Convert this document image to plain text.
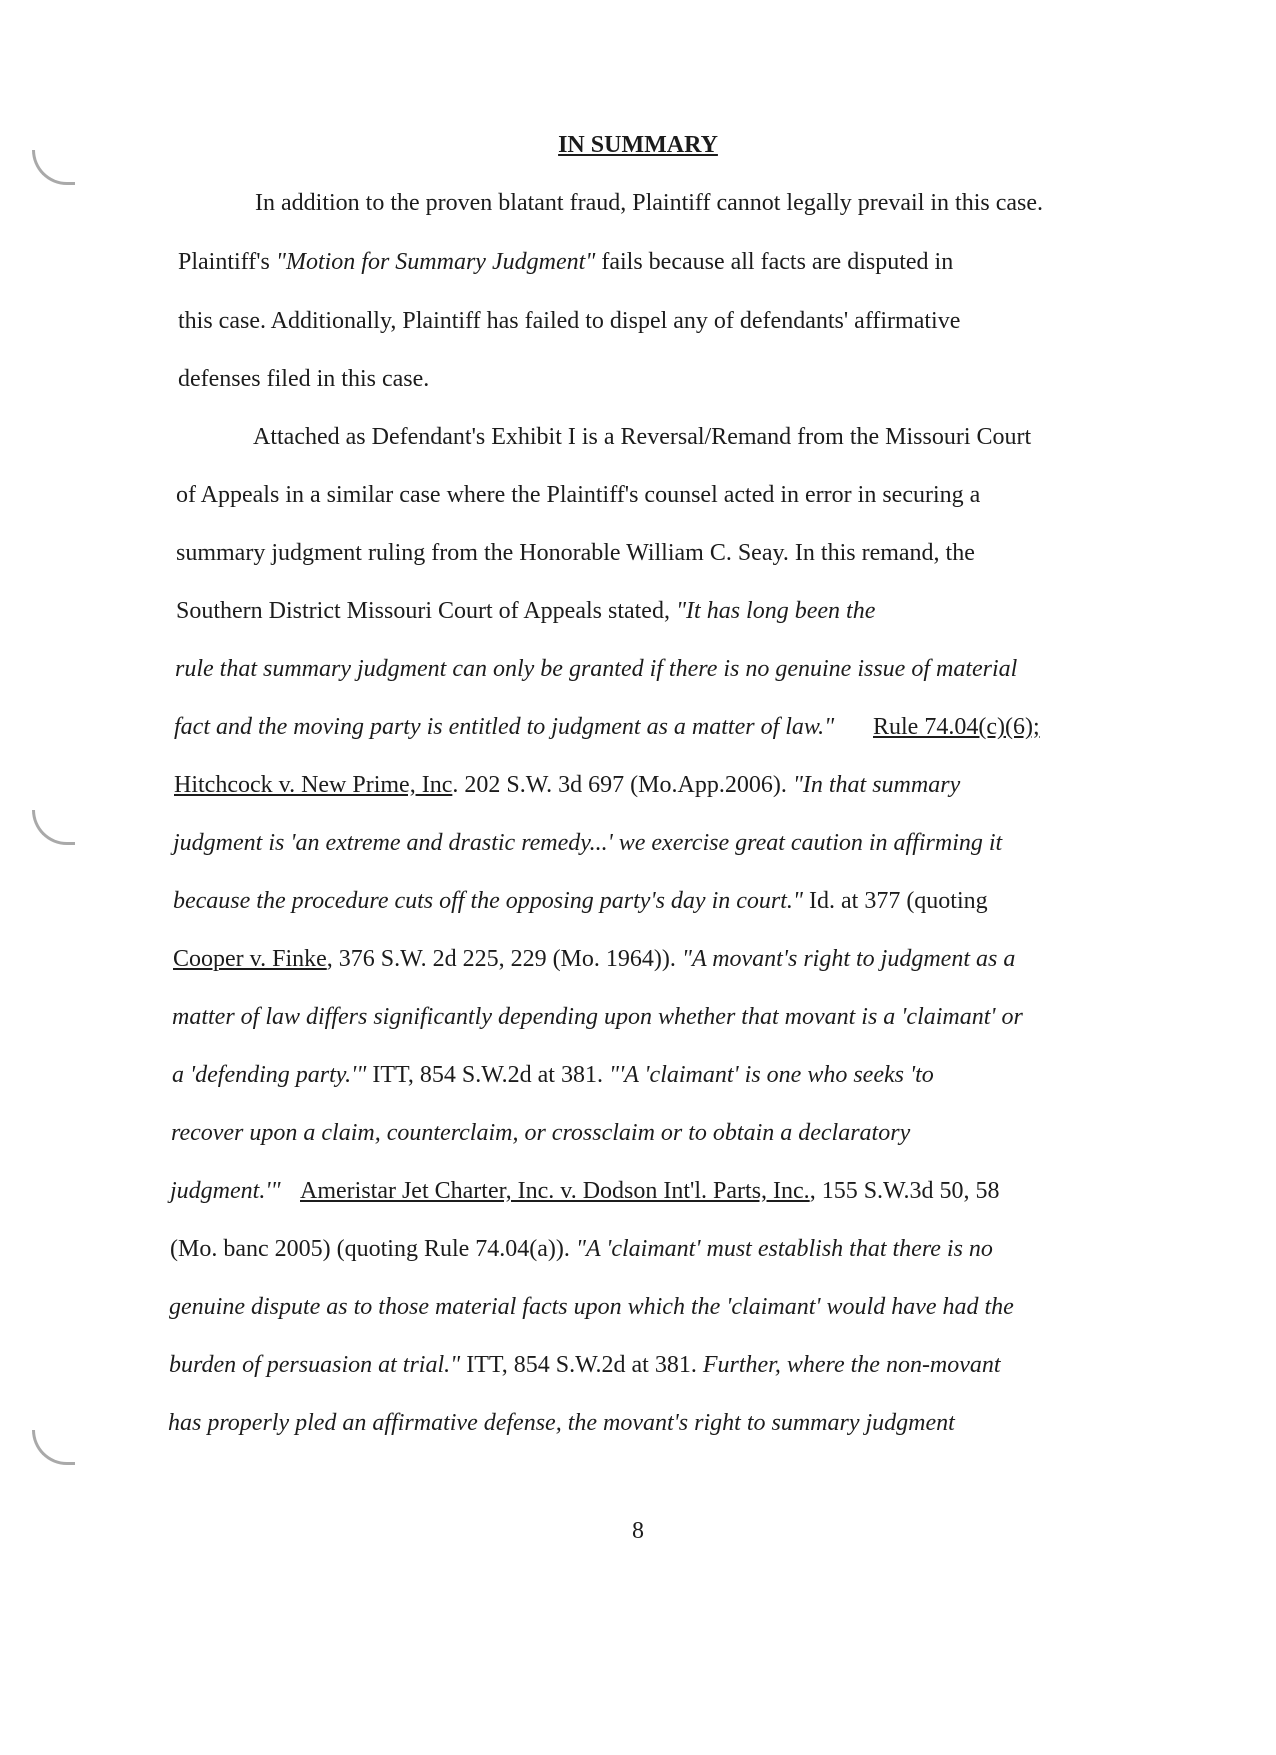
IN SUMMARY
In addition to the proven blatant fraud, Plaintiff cannot legally prevail in this case.
Plaintiff's "Motion for Summary Judgment" fails because all facts are disputed in
this case. Additionally, Plaintiff has failed to dispel any of defendants' affirmative
defenses filed in this case.
Attached as Defendant's Exhibit I is a Reversal/Remand from the Missouri Court
of Appeals in a similar case where the Plaintiff's counsel acted in error in securing a
summary judgment ruling from the Honorable William C. Seay. In this remand, the
Southern District Missouri Court of Appeals stated, "It has long been the
rule that summary judgment can only be granted if there is no genuine issue of material
fact and the moving party is entitled to judgment as a matter of law." Rule 74.04(c)(6);
Hitchcock v. New Prime, Inc. 202 S.W. 3d 697 (Mo.App.2006). "In that summary
judgment is 'an extreme and drastic remedy...' we exercise great caution in affirming it
because the procedure cuts off the opposing party's day in court." Id. at 377 (quoting
Cooper v. Finke, 376 S.W. 2d 225, 229 (Mo. 1964)). "A movant's right to judgment as a
matter of law differs significantly depending upon whether that movant is a 'claimant' or
a 'defending party.'" ITT, 854 S.W.2d at 381. "'A 'claimant' is one who seeks 'to
recover upon a claim, counterclaim, or crossclaim or to obtain a declaratory
judgment.'" Ameristar Jet Charter, Inc. v. Dodson Int'l. Parts, Inc., 155 S.W.3d 50, 58
(Mo. banc 2005) (quoting Rule 74.04(a)). "A 'claimant' must establish that there is no
genuine dispute as to those material facts upon which the 'claimant' would have had the
burden of persuasion at trial." ITT, 854 S.W.2d at 381. Further, where the non-movant
has properly pled an affirmative defense, the movant's right to summary judgment
8
